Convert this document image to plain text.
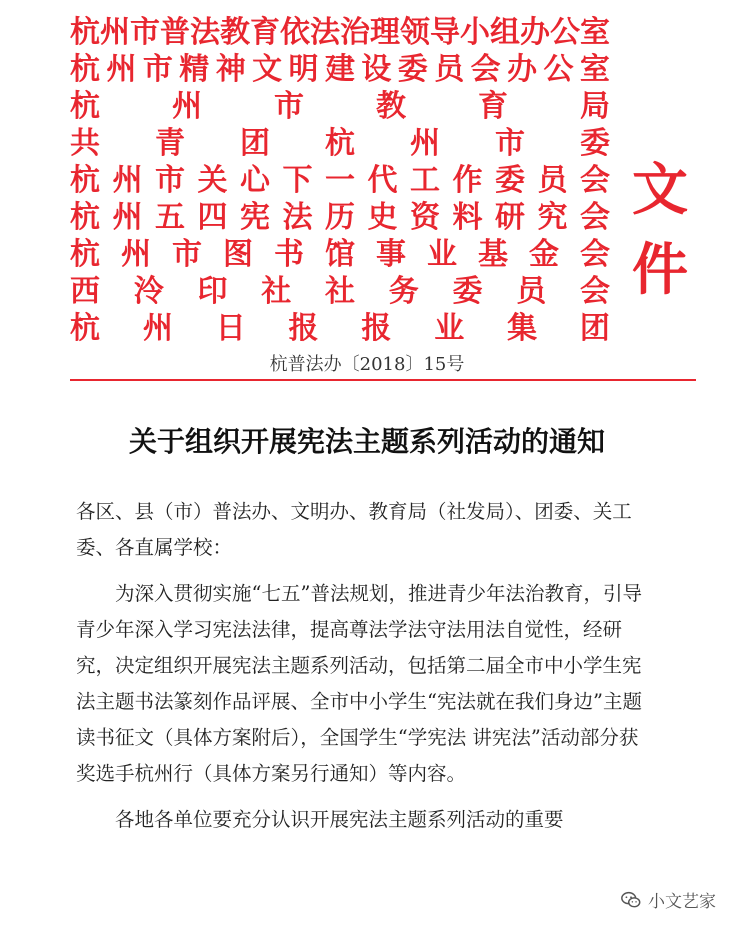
杭 州 市 普 法 教 育 依 法 治 理 领 导 小 组 办 公 室
杭 州 市 精 神 文 明 建 设 委 员 会 办 公 室
杭 州 市 教 育 局
共 青 团 杭 州 市 委
杭 州 市 关 心 下 一 代 工 作 委 员 会
杭 州 五 四 宪 法 历 史 资 料 研 究 会
杭 州 市 图 书 馆 事 业 基 金 会
西 泠 印 社 社 务 委 员 会
杭 州 日 报 报 业 集 团
文件
杭普法办〔2018〕15号
关于组织开展宪法主题系列活动的通知

各区、县（市）普法办、文明办、教育局（社发局）、团委、关工委、各直属学校：

为深入贯彻实施“七五”普法规划，推进青少年法治教育，引导青少年深入学习宪法法律，提高尊法学法守法用法自觉性，经研究，决定组织开展宪法主题系列活动，包括第二届全市中小学生宪法主题书法篆刻作品评展、全市中小学生“宪法就在我们身边”主题读书征文（具体方案附后），全国学生“学宪法 讲宪法”活动部分获奖选手杭州行（具体方案另行通知）等内容。

各地各单位要充分认识开展宪法主题系列活动的重要

小文艺家
